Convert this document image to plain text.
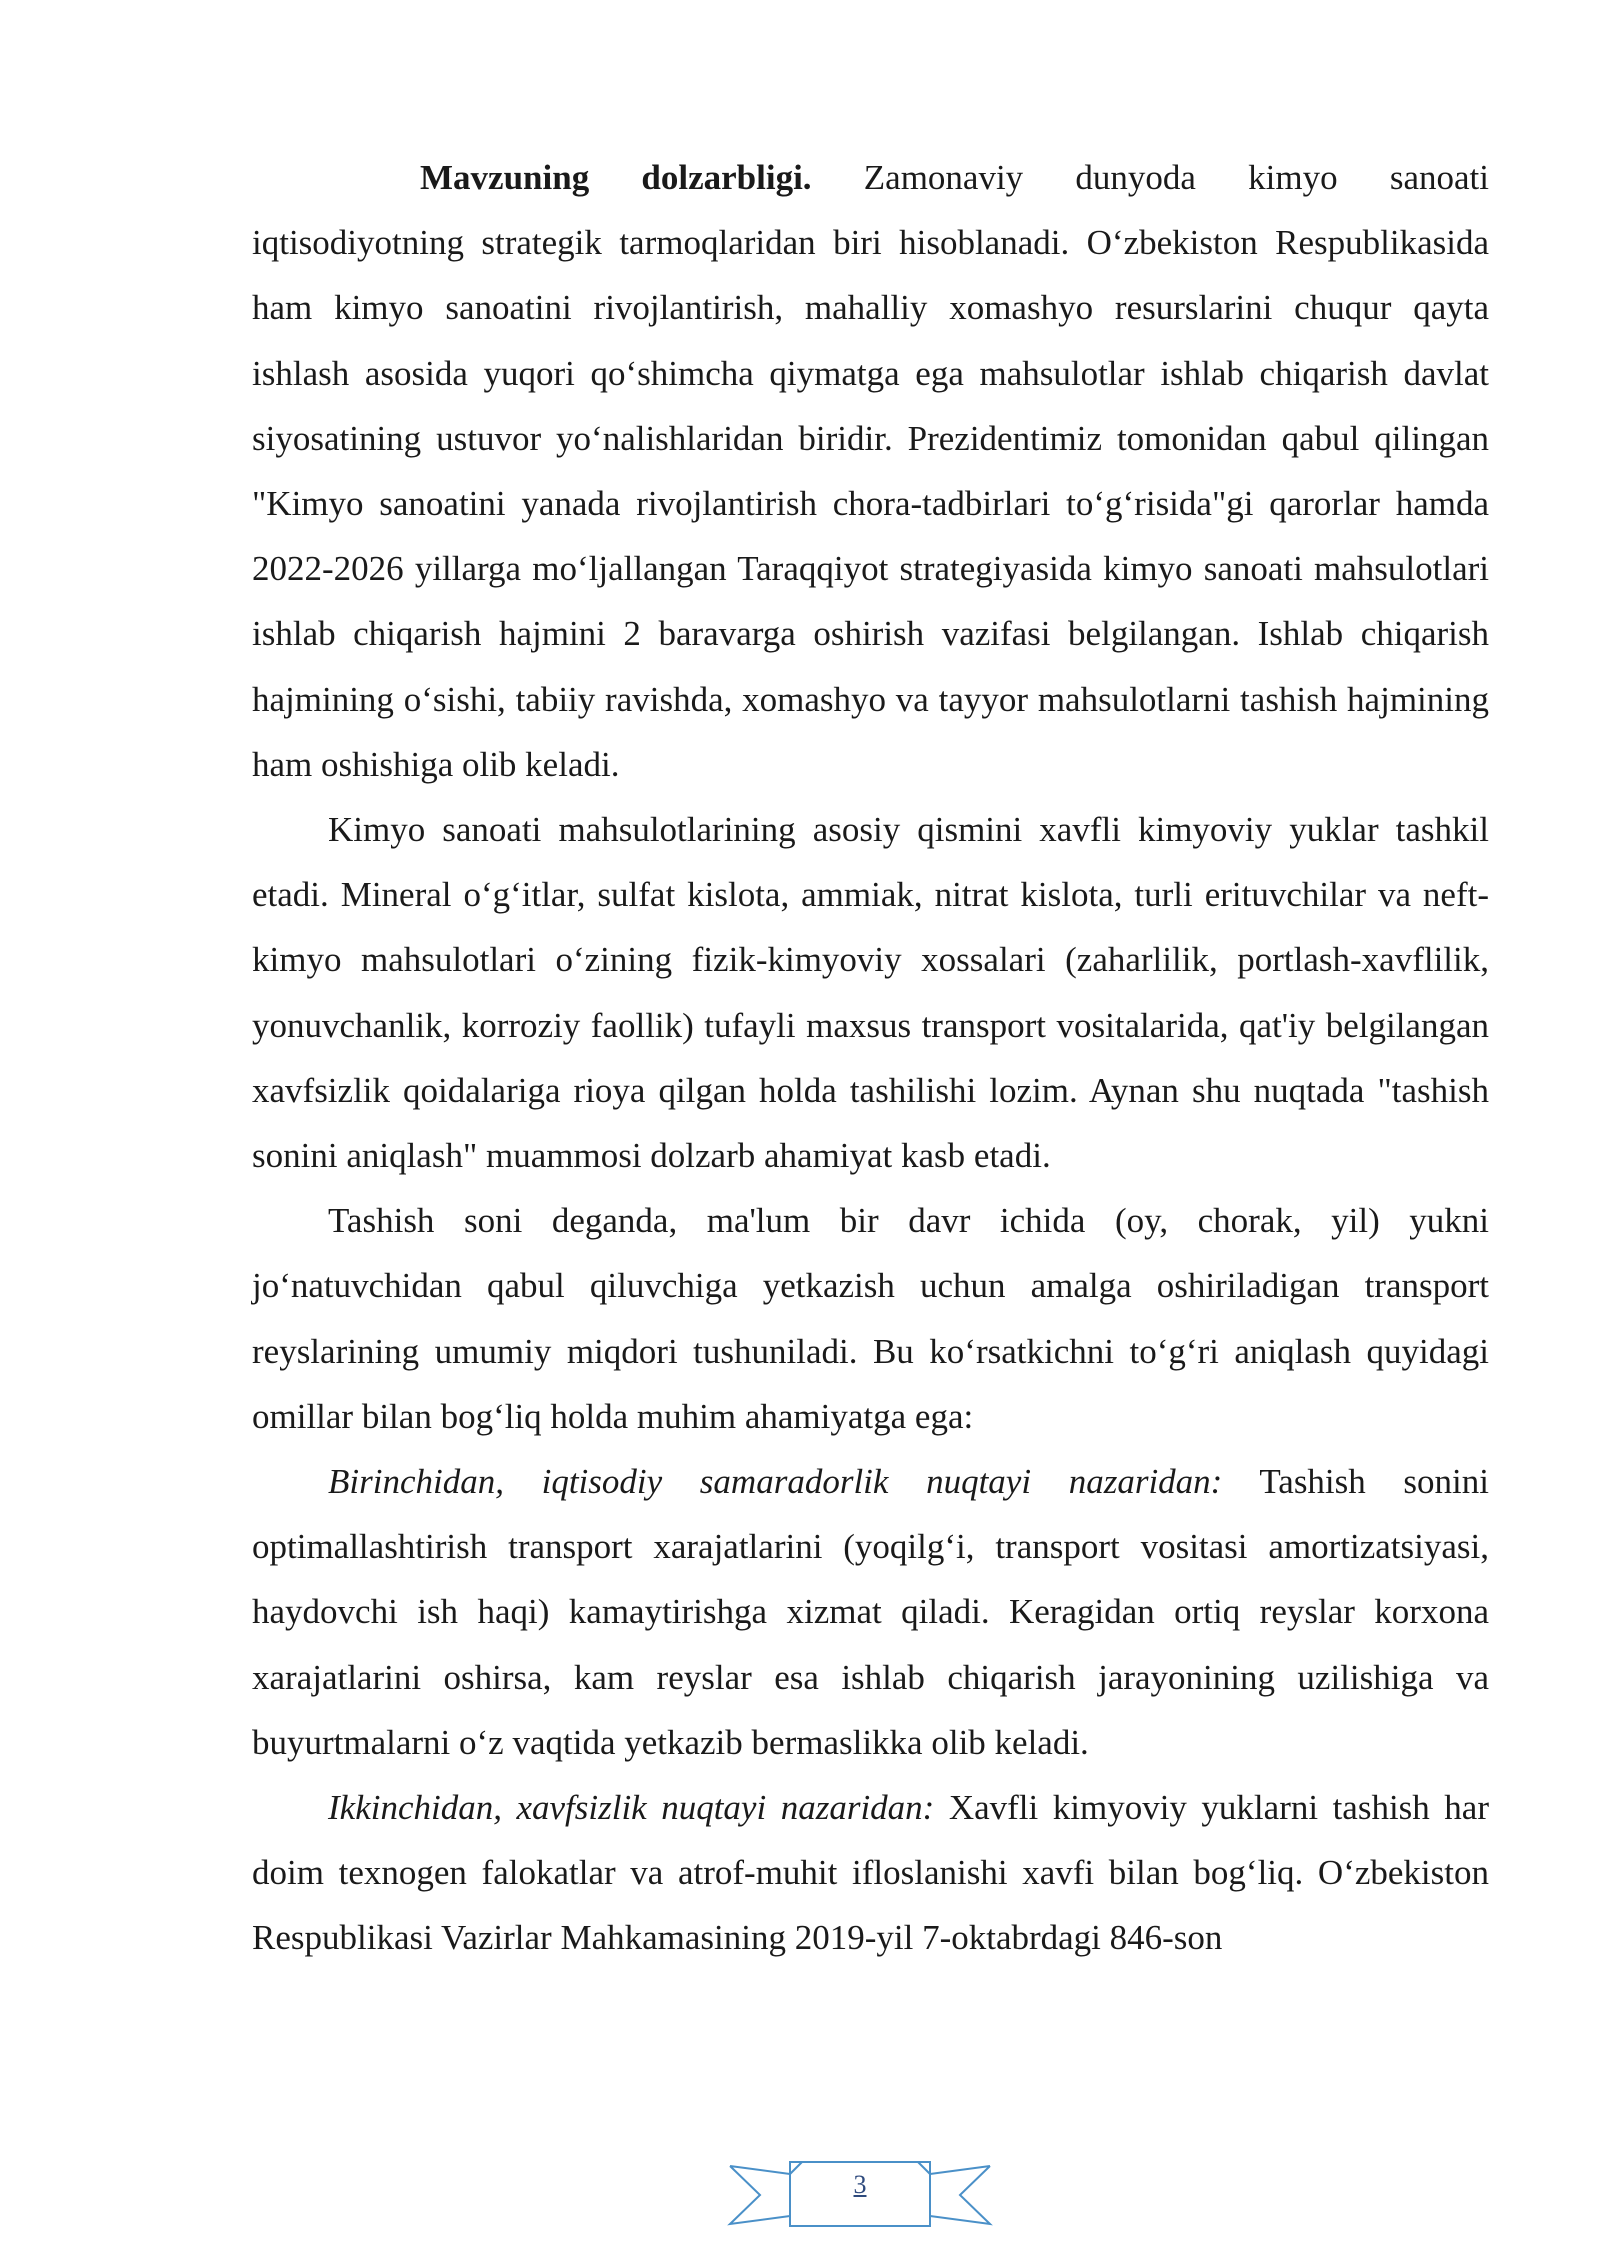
Mavzuning dolzarbligi. Zamonaviy dunyoda kimyo sanoati iqtisodiyotning strategik tarmoqlaridan biri hisoblanadi. O‘zbekiston Respublikasida ham kimyo sanoatini rivojlantirish, mahalliy xomashyo resurslarini chuqur qayta ishlash asosida yuqori qo‘shimcha qiymatga ega mahsulotlar ishlab chiqarish davlat siyosatining ustuvor yo‘nalishlaridan biridir. Prezidentimiz tomonidan qabul qilingan "Kimyo sanoatini yanada rivojlantirish chora-tadbirlari to‘g‘risida"gi qarorlar hamda 2022-2026 yillarga mo‘ljallangan Taraqqiyot strategiyasida kimyo sanoati mahsulotlari ishlab chiqarish hajmini 2 baravarga oshirish vazifasi belgilangan. Ishlab chiqarish hajmining o‘sishi, tabiiy ravishda, xomashyo va tayyor mahsulotlarni tashish hajmining ham oshishiga olib keladi.

Kimyo sanoati mahsulotlarining asosiy qismini xavfli kimyoviy yuklar tashkil etadi. Mineral o‘g‘itlar, sulfat kislota, ammiak, nitrat kislota, turli erituvchilar va neft-kimyo mahsulotlari o‘zining fizik-kimyoviy xossalari (zaharlilik, portlash-xavflilik, yonuvchanlik, korroziy faollik) tufayli maxsus transport vositalarida, qat'iy belgilangan xavfsizlik qoidalariga rioya qilgan holda tashilishi lozim. Aynan shu nuqtada "tashish sonini aniqlash" muammosi dolzarb ahamiyat kasb etadi.

Tashish soni deganda, ma'lum bir davr ichida (oy, chorak, yil) yukni jo‘natuvchidan qabul qiluvchiga yetkazish uchun amalga oshiriladigan transport reyslarining umumiy miqdori tushuniladi. Bu ko‘rsatkichni to‘g‘ri aniqlash quyidagi omillar bilan bog‘liq holda muhim ahamiyatga ega:

Birinchidan, iqtisodiy samaradorlik nuqtayi nazaridan: Tashish sonini optimallashtirish transport xarajatlarini (yoqilg‘i, transport vositasi amortizatsiyasi, haydovchi ish haqi) kamaytirishga xizmat qiladi. Keragidan ortiq reyslar korxona xarajatlarini oshirsa, kam reyslar esa ishlab chiqarish jarayonining uzilishiga va buyurtmalarni o‘z vaqtida yetkazib bermaslikka olib keladi.

Ikkinchidan, xavfsizlik nuqtayi nazaridan: Xavfli kimyoviy yuklarni tashish har doim texnogen falokatlar va atrof-muhit ifloslanishi xavfi bilan bog‘liq. O‘zbekiston Respublikasi Vazirlar Mahkamasining 2019-yil 7-oktabrdagi 846-son

3
